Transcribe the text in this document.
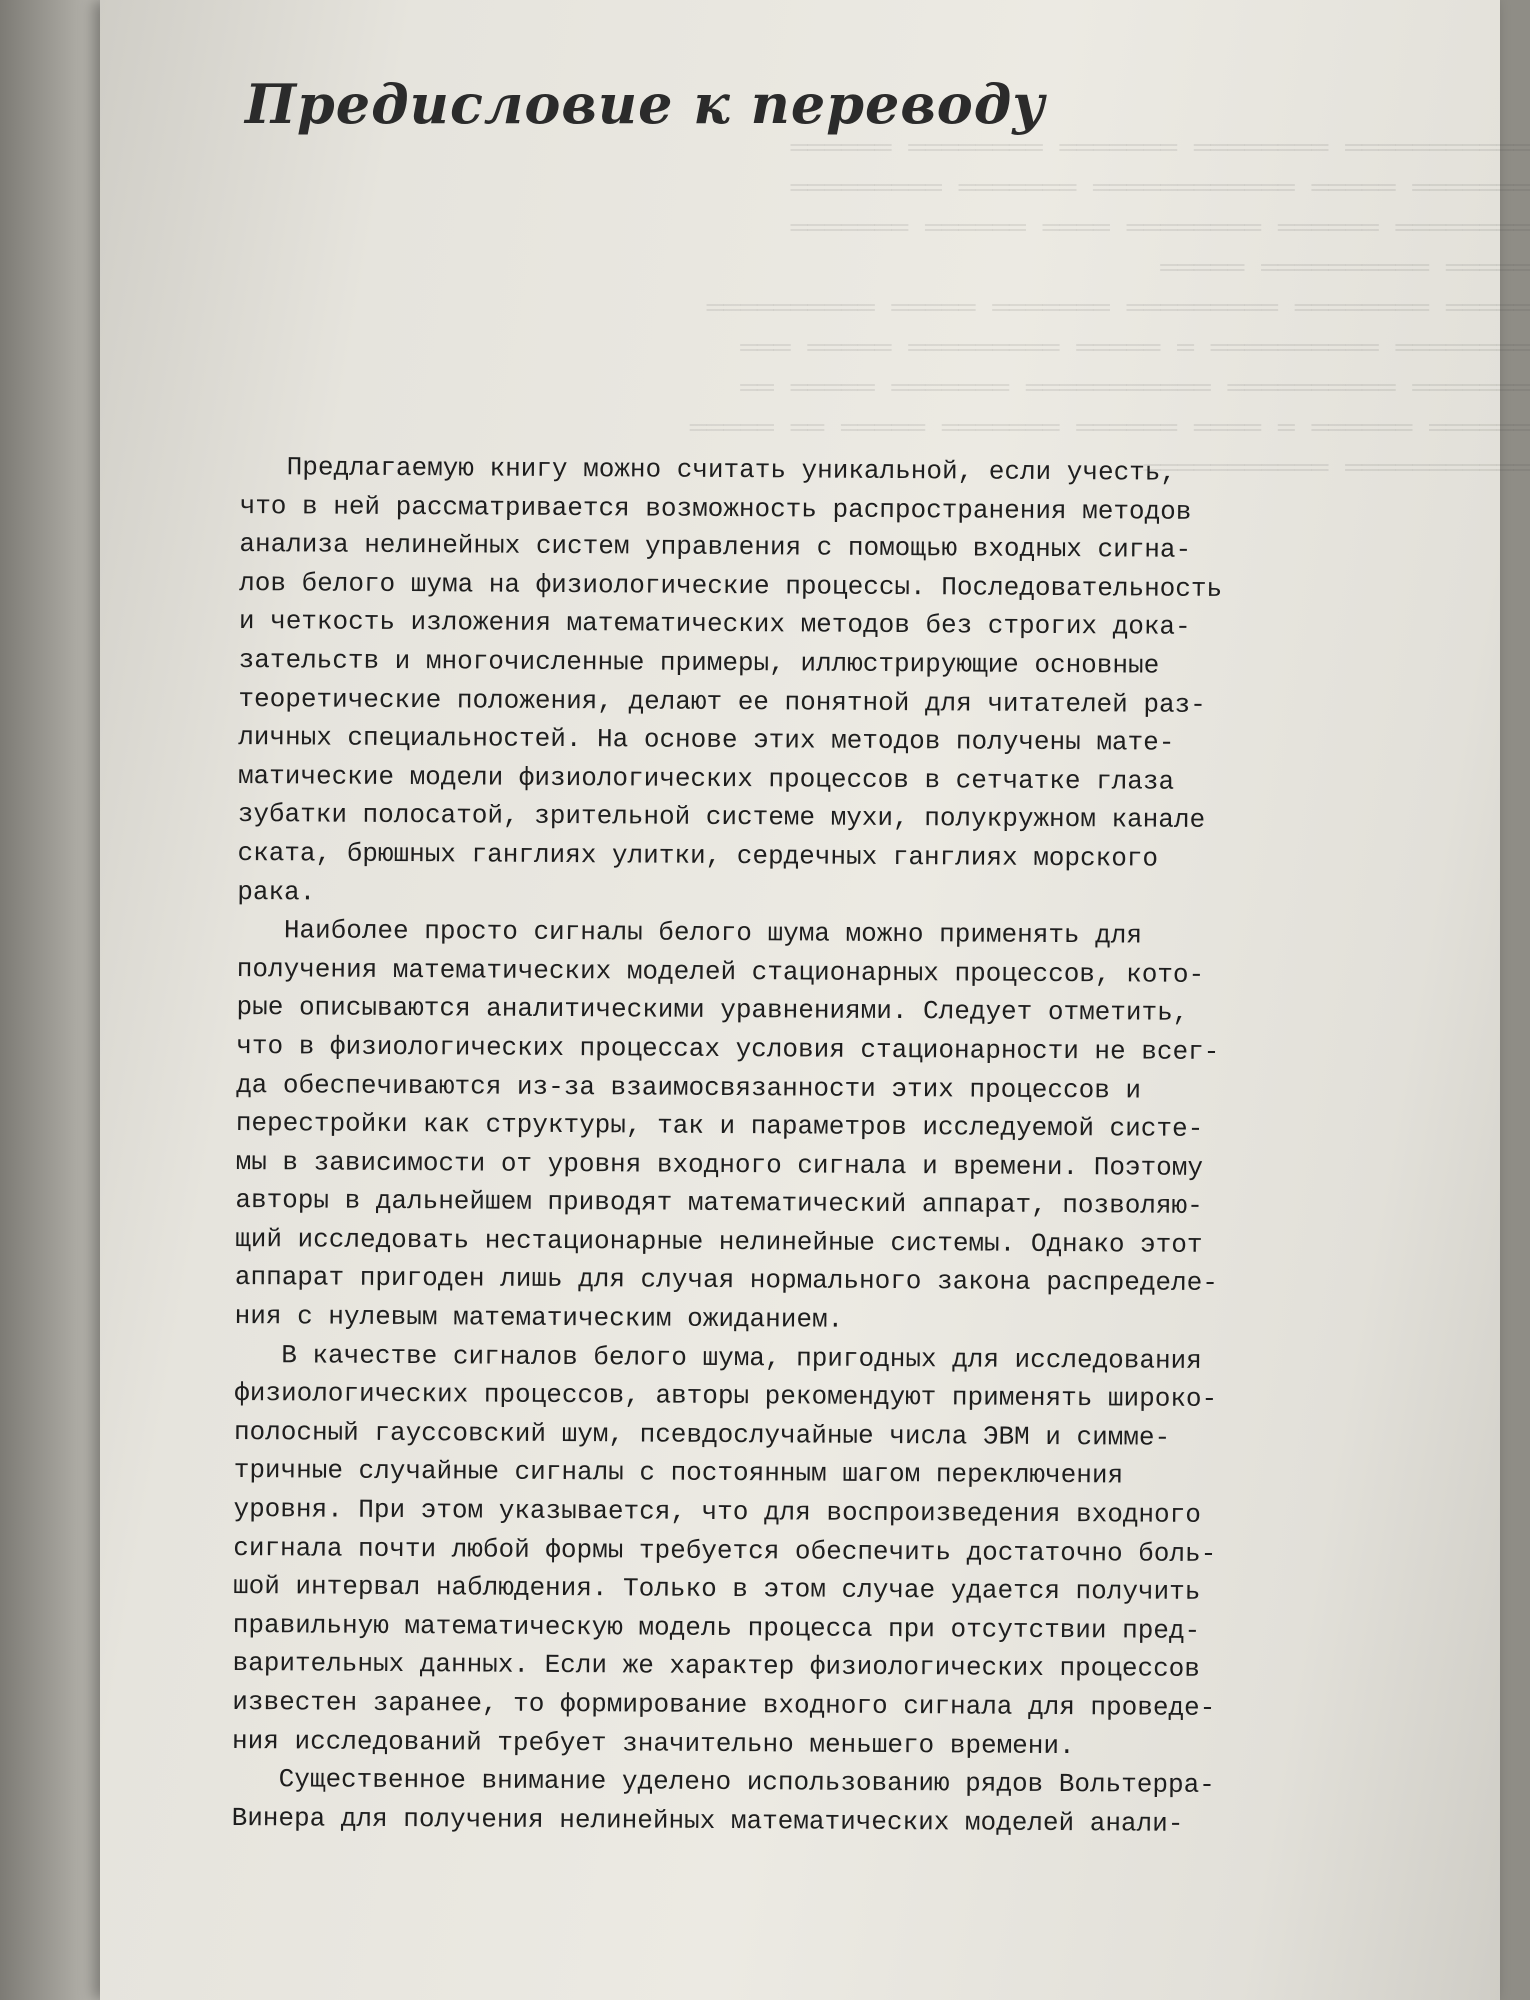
═══════════ ════════ ═══════ ════════ ══════
═══════ ═════ ════════════ ═══════ ═════════
════════ ══════ ════════ ════ ══════ ═══════
═════ ══════════ ═════
═════ ════════ ═════════ ═══════ ═════ ══════════
════════ ══════════ ═ ═════ ═════════ ═════ ═══
═══════ ══════════ ═══════════ ═══════ ═════ ══
══════ ══════ ═ ════ ══════ ═══════ ═════ ══ ═════
═══════════ ═══════════

Предисловие к переводу

Предлагаемую книгу можно считать уникальной, если учесть,
что в ней рассматривается возможность распространения методов
анализа нелинейных систем управления с помощью входных сигна-
лов белого шума на физиологические процессы. Последовательность
и четкость изложения математических методов без строгих дока-
зательств и многочисленные примеры, иллюстрирующие основные
теоретические положения, делают ее понятной для читателей раз-
личных специальностей. На основе этих методов получены мате-
матические модели физиологических процессов в сетчатке глаза
зубатки полосатой, зрительной системе мухи, полукружном канале
ската, брюшных ганглиях улитки, сердечных ганглиях морского
рака.

Наиболее просто сигналы белого шума можно применять для
получения математических моделей стационарных процессов, кото-
рые описываются аналитическими уравнениями. Следует отметить,
что в физиологических процессах условия стационарности не всег-
да обеспечиваются из-за взаимосвязанности этих процессов и
перестройки как структуры, так и параметров исследуемой систе-
мы в зависимости от уровня входного сигнала и времени. Поэтому
авторы в дальнейшем приводят математический аппарат, позволяю-
щий исследовать нестационарные нелинейные системы. Однако этот
аппарат пригоден лишь для случая нормального закона распределе-
ния с нулевым математическим ожиданием.

В качестве сигналов белого шума, пригодных для исследования
физиологических процессов, авторы рекомендуют применять широко-
полосный гауссовский шум, псевдослучайные числа ЭВМ и симме-
тричные случайные сигналы с постоянным шагом переключения
уровня. При этом указывается, что для воспроизведения входного
сигнала почти любой формы требуется обеспечить достаточно боль-
шой интервал наблюдения. Только в этом случае удается получить
правильную математическую модель процесса при отсутствии пред-
варительных данных. Если же характер физиологических процессов
известен заранее, то формирование входного сигнала для проведе-
ния исследований требует значительно меньшего времени.

Существенное внимание уделено использованию рядов Вольтерра-
Винера для получения нелинейных математических моделей анали-
